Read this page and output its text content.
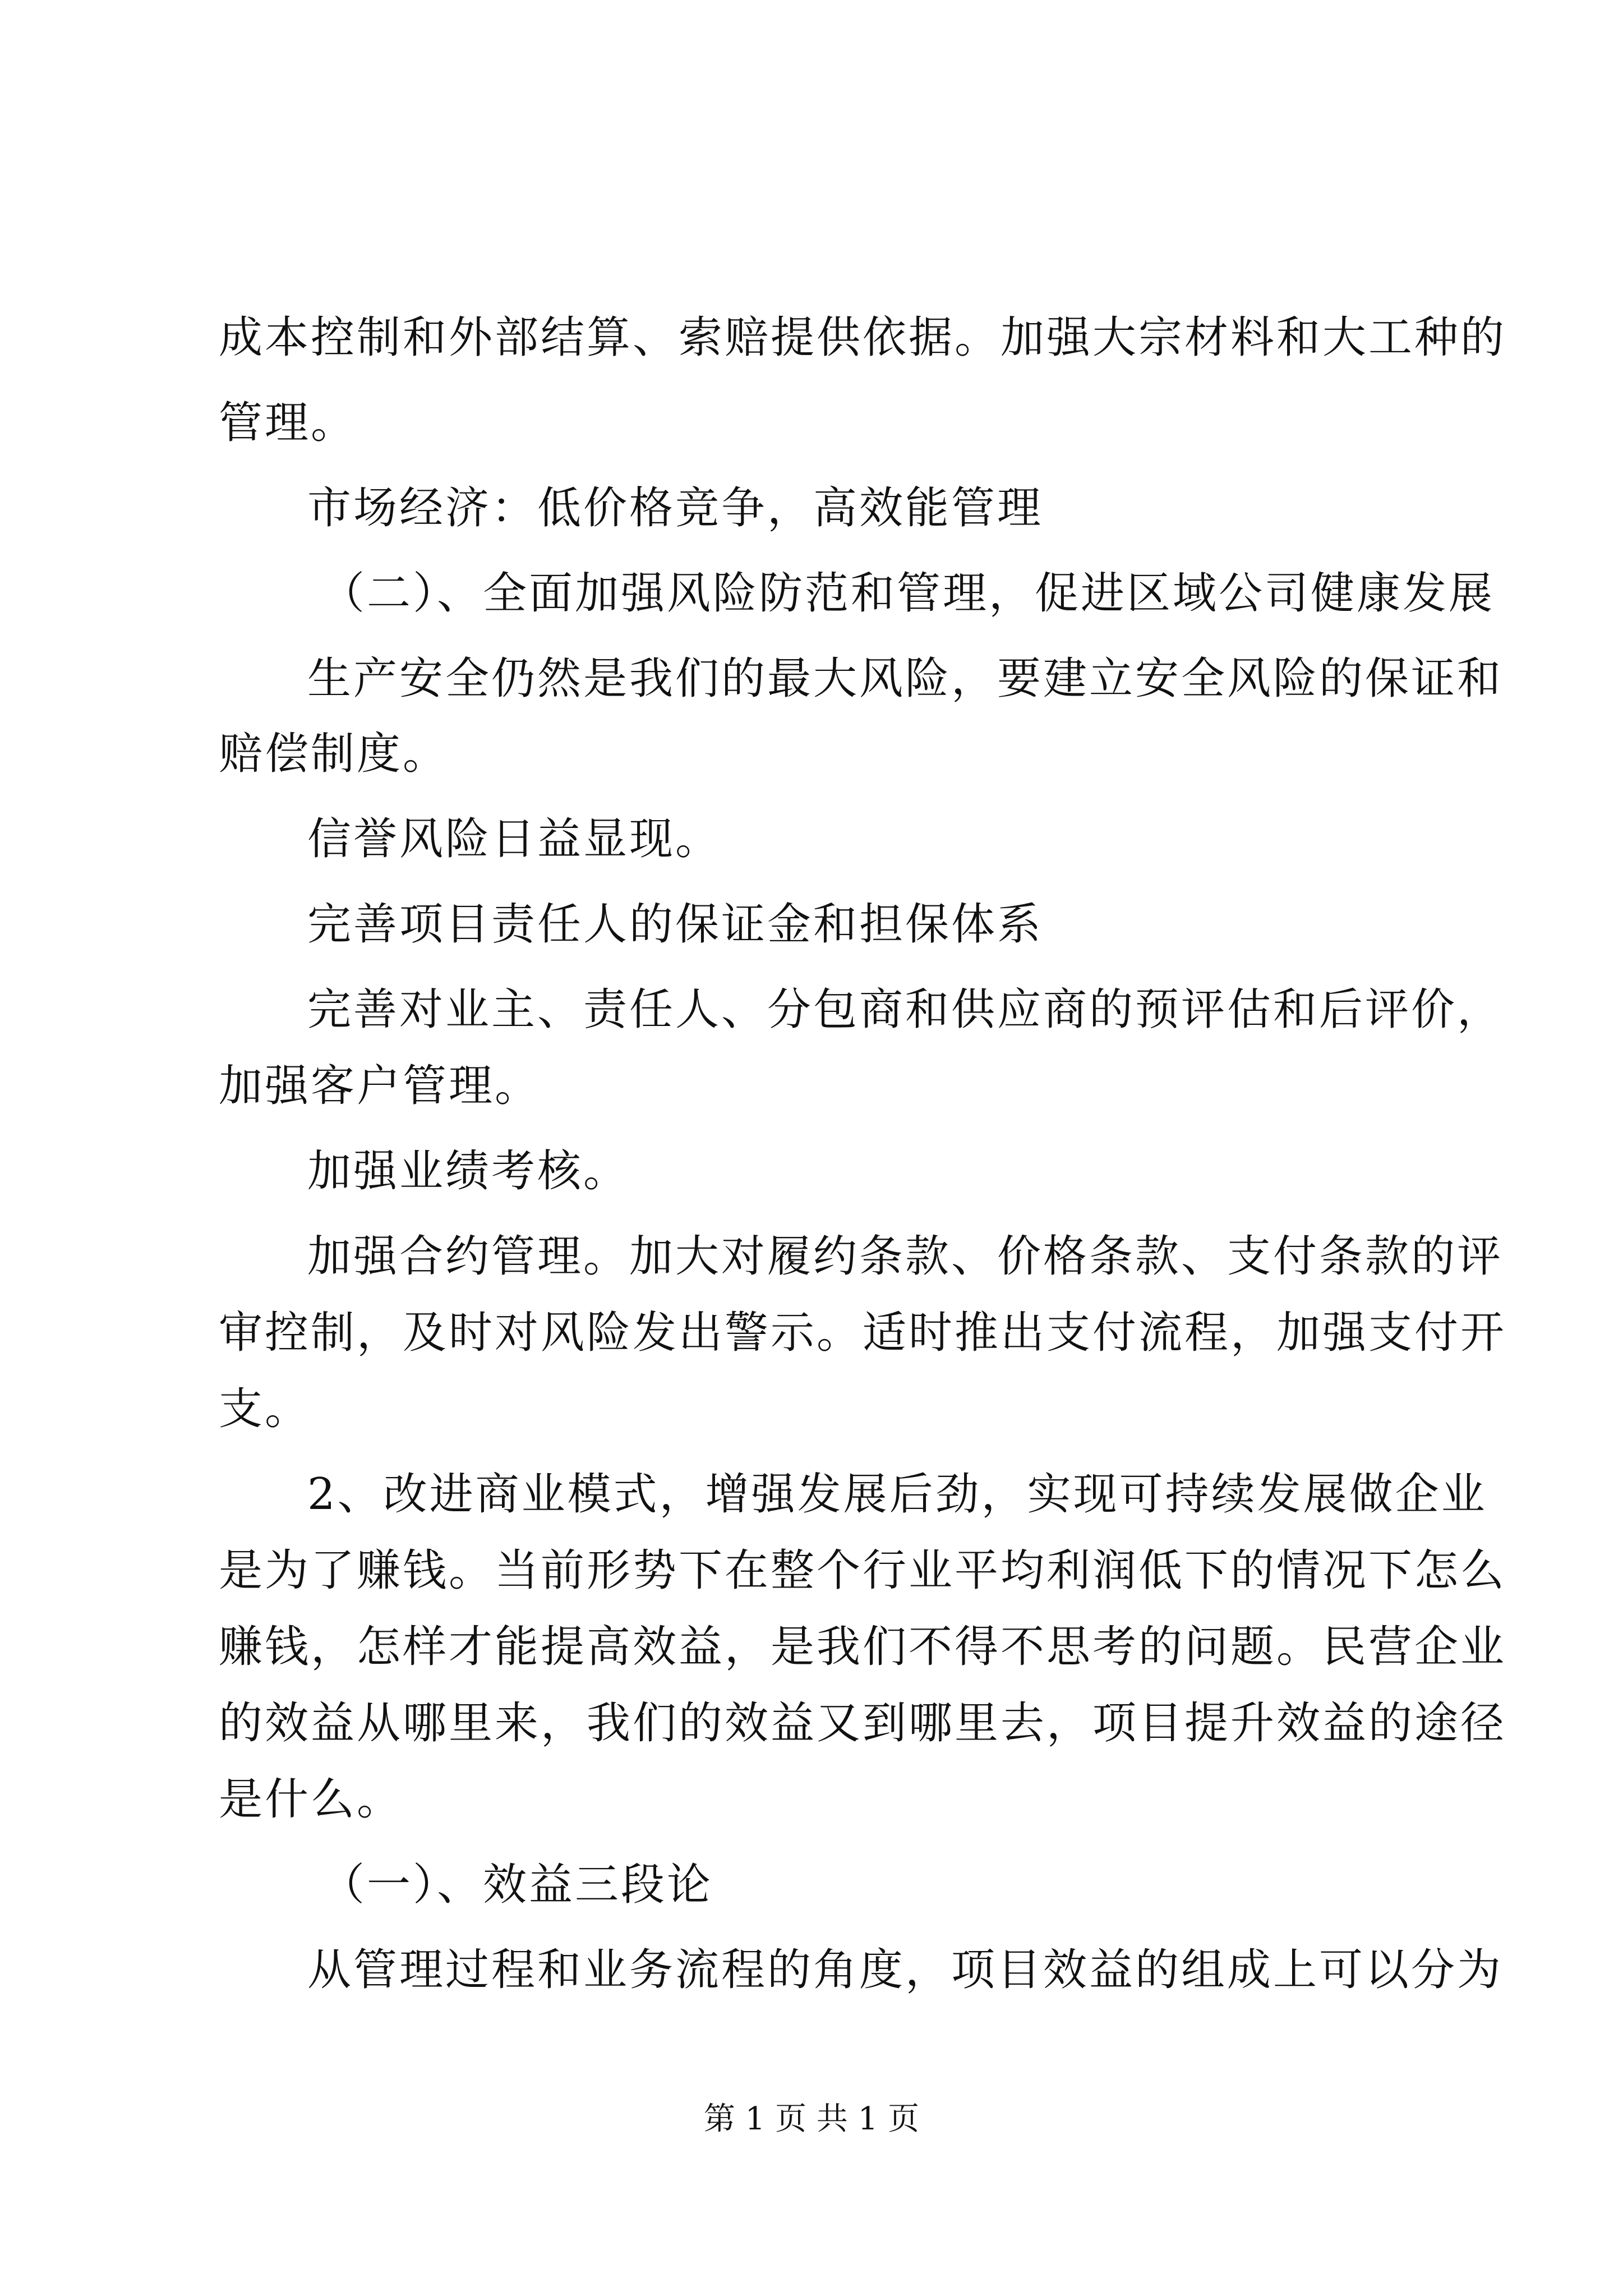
成本控制和外部结算、索赔提供依据。加强大宗材料和大工种的
管理。
市场经济：低价格竞争，高效能管理
（二）、全面加强风险防范和管理，促进区域公司健康发展
生产安全仍然是我们的最大风险，要建立安全风险的保证和
赔偿制度。
信誉风险日益显现。
完善项目责任人的保证金和担保体系
完善对业主、责任人、分包商和供应商的预评估和后评价，
加强客户管理。
加强业绩考核。
加强合约管理。加大对履约条款、价格条款、支付条款的评
审控制，及时对风险发出警示。适时推出支付流程，加强支付开
支。
2、改进商业模式，增强发展后劲，实现可持续发展做企业
是为了赚钱。当前形势下在整个行业平均利润低下的情况下怎么
赚钱，怎样才能提高效益，是我们不得不思考的问题。民营企业
的效益从哪里来，我们的效益又到哪里去，项目提升效益的途径
是什么。
（一）、效益三段论
从管理过程和业务流程的角度，项目效益的组成上可以分为
第 1 页 共 1 页
